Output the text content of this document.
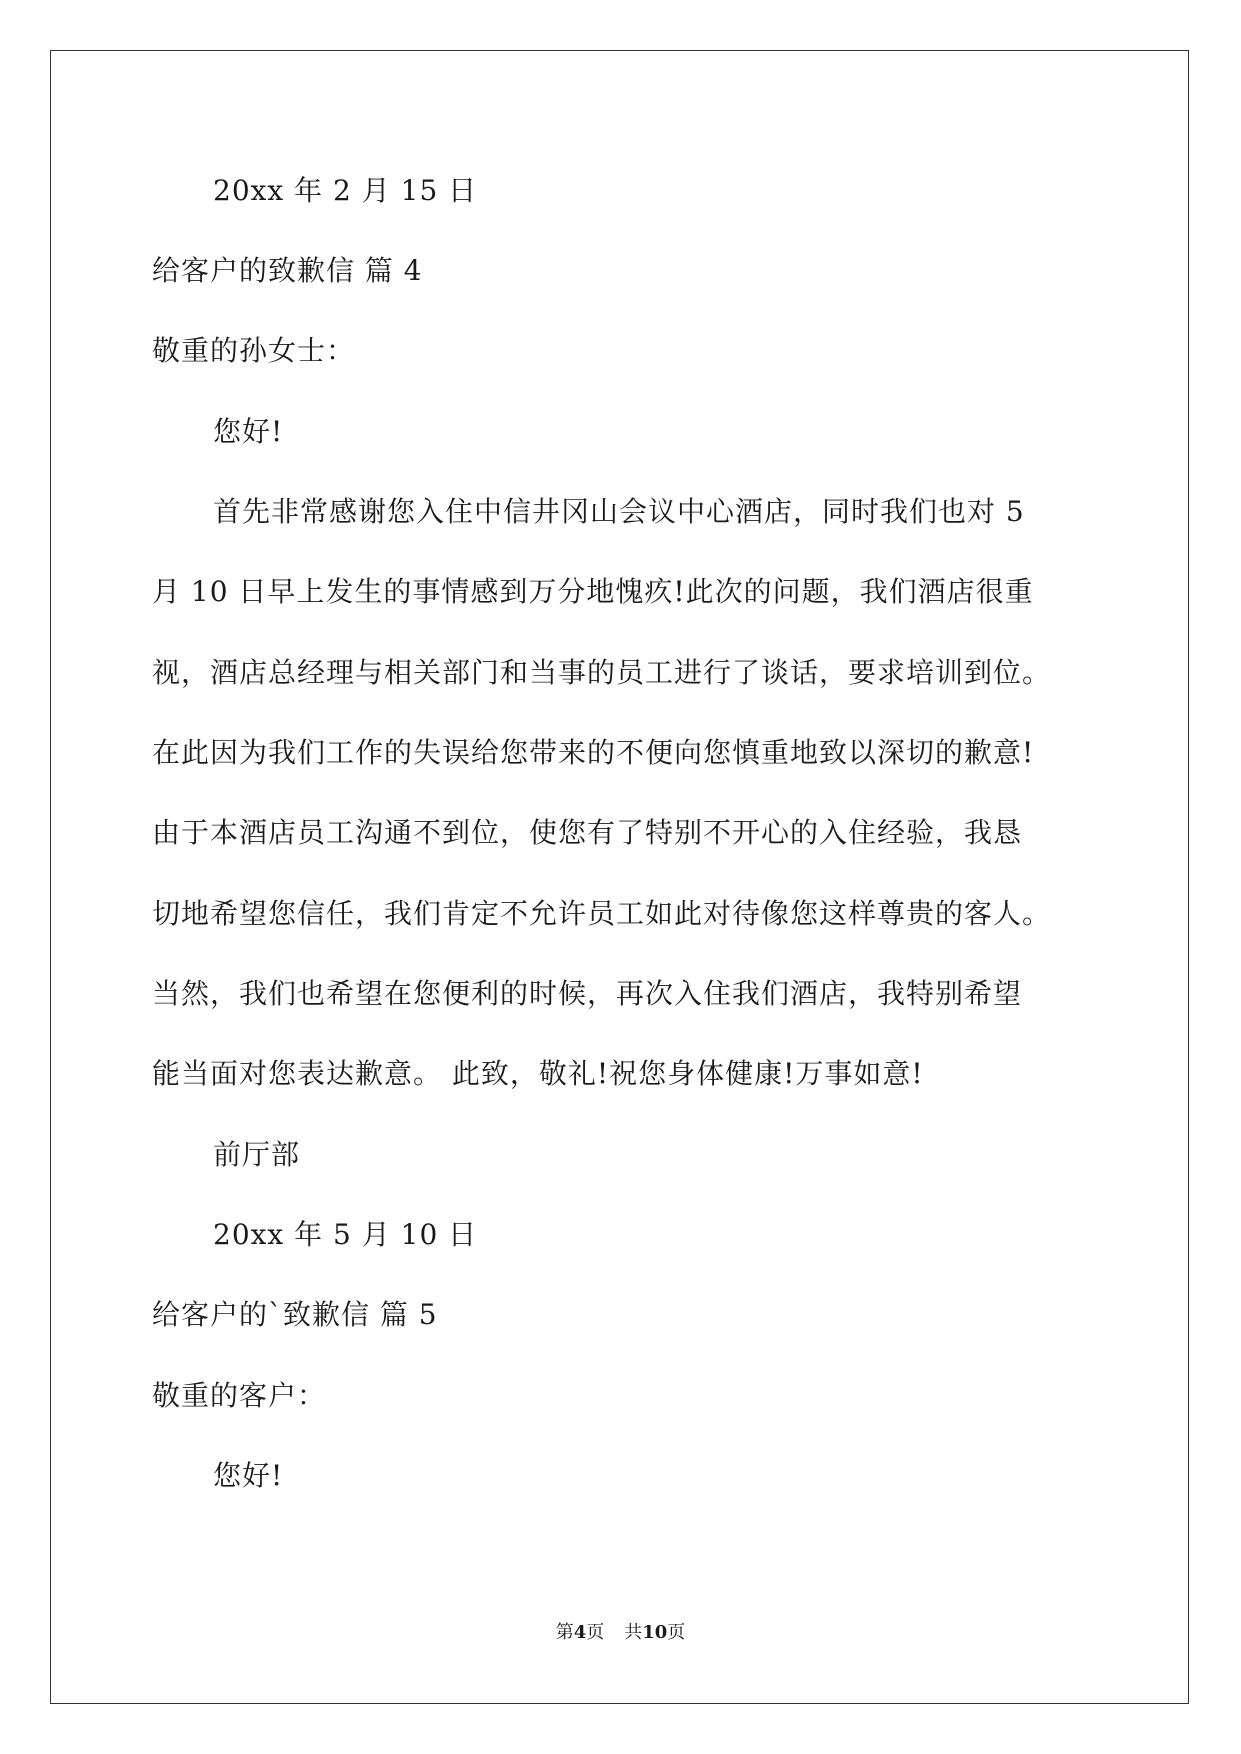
20xx 年 2 月 15 日
给客户的致歉信 篇 4
敬重的孙女士：
您好!
首先非常感谢您入住中信井冈山会议中心酒店，同时我们也对 5
月 10 日早上发生的事情感到万分地愧疚!此次的问题，我们酒店很重
视，酒店总经理与相关部门和当事的员工进行了谈话，要求培训到位。
在此因为我们工作的失误给您带来的不便向您慎重地致以深切的歉意!
由于本酒店员工沟通不到位，使您有了特别不开心的入住经验，我恳
切地希望您信任，我们肯定不允许员工如此对待像您这样尊贵的客人。
当然，我们也希望在您便利的时候，再次入住我们酒店，我特别希望
能当面对您表达歉意。 此致，敬礼!祝您身体健康!万事如意!
前厅部
20xx 年 5 月 10 日
给客户的`致歉信 篇 5
敬重的客户：
您好!
第4页 共10页
